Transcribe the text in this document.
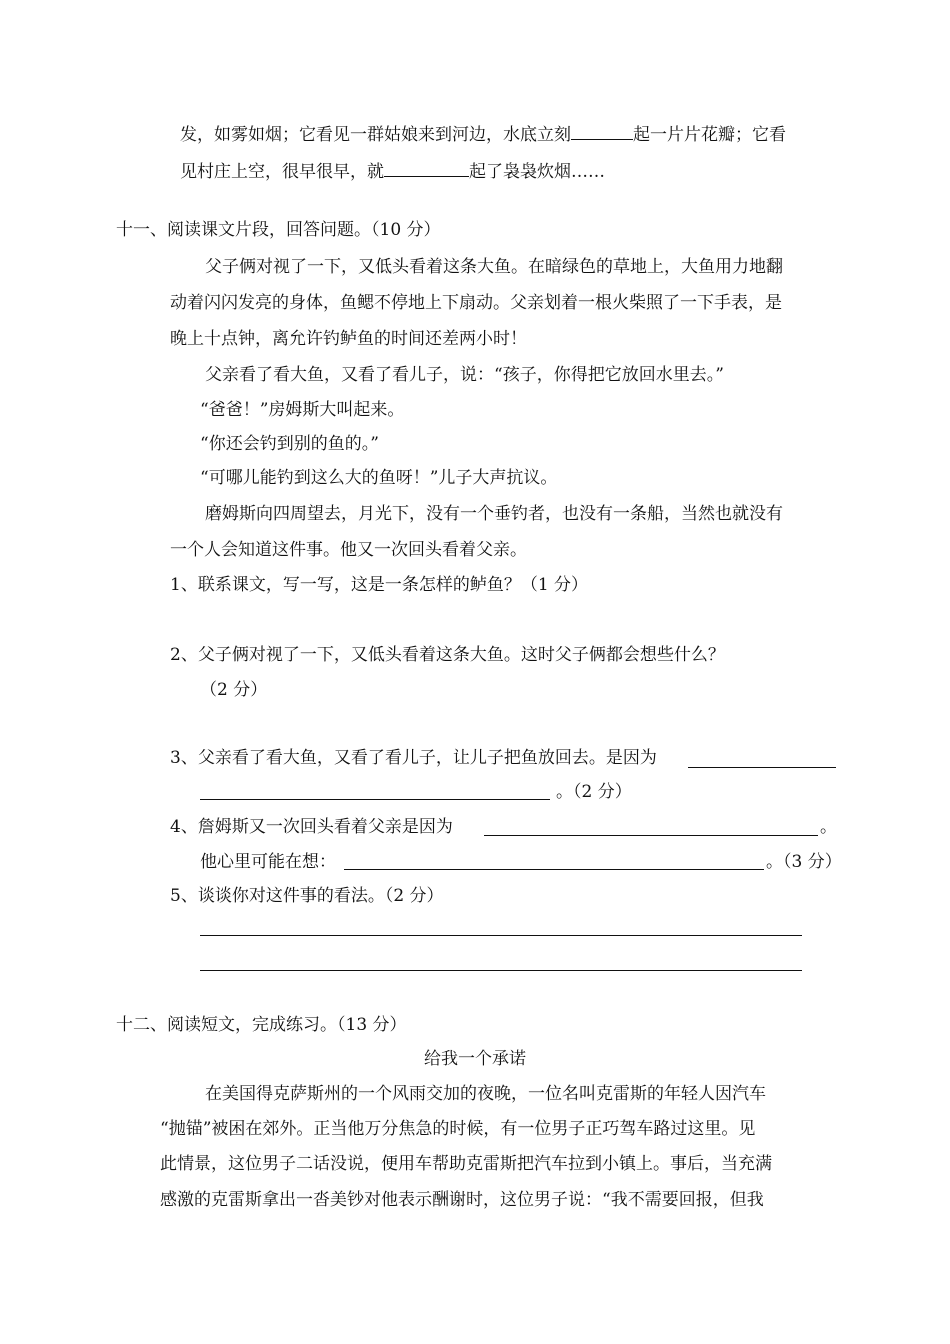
发，如雾如烟；它看见一群姑娘来到河边，水底立刻	起一片片花瓣；它看
见村庄上空，很早很早，就	起了袅袅炊烟……
十一、阅读课文片段，回答问题。（10 分）
父子俩对视了一下，又低头看着这条大鱼。在暗绿色的草地上，大鱼用力地翻
动着闪闪发亮的身体，鱼鳃不停地上下扇动。父亲划着一根火柴照了一下手表，是
晚上十点钟，离允许钓鲈鱼的时间还差两小时！
父亲看了看大鱼，又看了看儿子，说：“孩子，你得把它放回水里去。”
“爸爸！”房姆斯大叫起来。
“你还会钓到别的鱼的。”
“可哪儿能钓到这么大的鱼呀！”儿子大声抗议。
磨姆斯向四周望去，月光下，没有一个垂钓者，也没有一条船，当然也就没有
一个人会知道这件事。他又一次回头看着父亲。
1、联系课文，写一写，这是一条怎样的鲈鱼？（1 分）
2、父子俩对视了一下，又低头看着这条大鱼。这时父子俩都会想些什么？
（2 分）
3、父亲看了看大鱼，又看了看儿子，让儿子把鱼放回去。是因为
。（2 分）
4、詹姆斯又一次回头看着父亲是因为	。
他心里可能在想：	。（3 分）
5、谈谈你对这件事的看法。（2 分）
十二、阅读短文，完成练习。（13 分）
给我一个承诺
在美国得克萨斯州的一个风雨交加的夜晚，一位名叫克雷斯的年轻人因汽车
“抛锚”被困在郊外。正当他万分焦急的时候，有一位男子正巧驾车路过这里。见
此情景，这位男子二话没说，便用车帮助克雷斯把汽车拉到小镇上。事后，当充满
感激的克雷斯拿出一沓美钞对他表示酬谢时，这位男子说：“我不需要回报，但我
